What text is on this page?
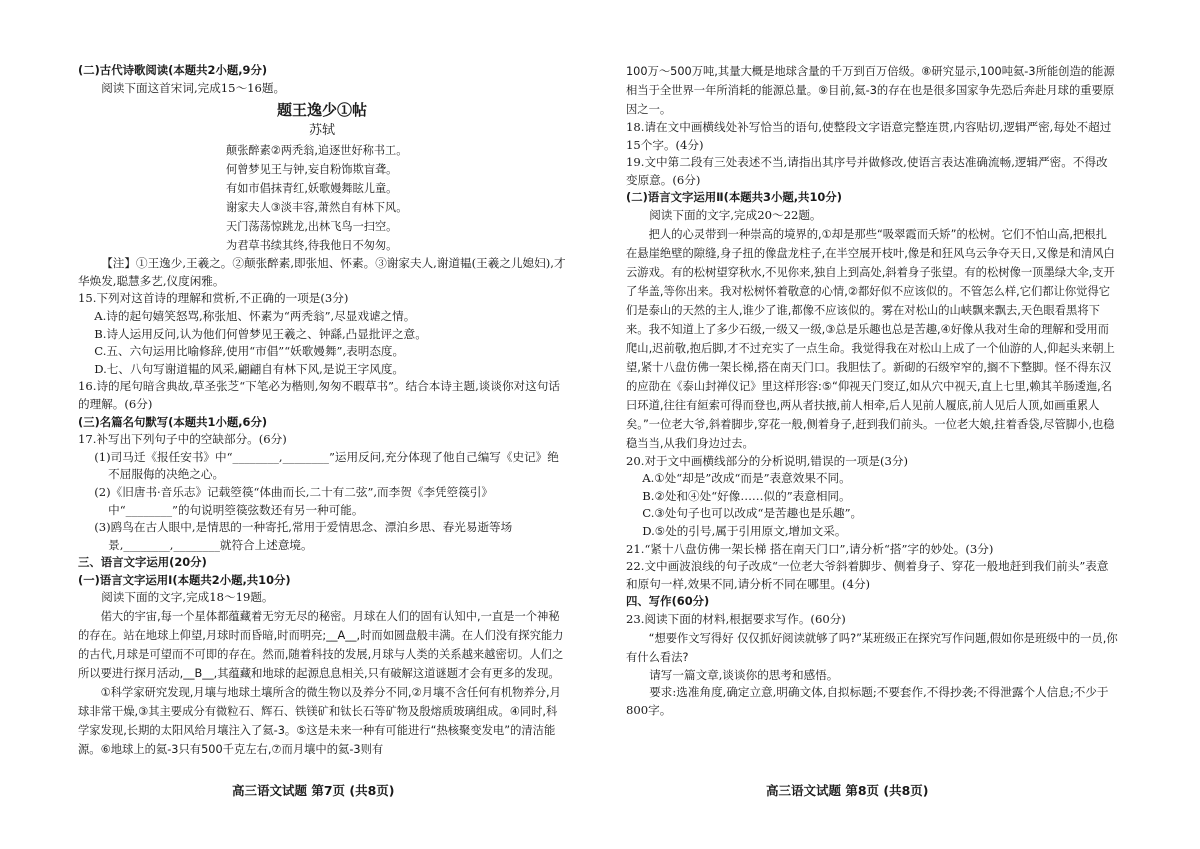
(二)古代诗歌阅读(本题共2小题,9分)

阅读下面这首宋词,完成15～16题。

题王逸少①帖

苏轼

颠张醉素②两秃翁,追逐世好称书工。

何曾梦见王与钟,妄自粉饰欺盲聋。

有如市倡抹青红,妖歌嫚舞眩儿童。

谢家夫人③淡丰容,萧然自有林下风。

天门荡荡惊跳龙,出林飞鸟一扫空。

为君草书续其终,待我他日不匆匆。

【注】①王逸少,王羲之。②颠张醉素,即张旭、怀素。③谢家夫人,谢道韫(王羲之儿媳妇),才华焕发,聪慧多艺,仪度闲雅。

15.下列对这首诗的理解和赏析,不正确的一项是(3分)

A.诗的起句嬉笑怒骂,称张旭、怀素为“两秃翁”,尽显戏谑之情。

B.诗人运用反问,认为他们何曾梦见王羲之、钟繇,凸显批评之意。

C.五、六句运用比喻修辞,使用“市倡”“妖歌嫚舞”,表明态度。

D.七、八句写谢道韫的风采,翩翩自有林下风,是说王字风度。

16.诗的尾句暗含典故,草圣张芝“下笔必为楷则,匆匆不暇草书”。结合本诗主题,谈谈你对这句话的理解。(6分)

(三)名篇名句默写(本题共1小题,6分)

17.补写出下列句子中的空缺部分。(6分)

(1)司马迁《报任安书》中“________,________”运用反问,充分体现了他自己编写《史记》绝不屈服侮的决绝之心。

(2)《旧唐书·音乐志》记载箜篌“体曲而长,二十有二弦”,而李贺《李凭箜篌引》中“________”的句说明箜篌弦数还有另一种可能。

(3)鸥鸟在古人眼中,是情思的一种寄托,常用于爱情思念、漂泊乡思、春光易逝等场景,________,________就符合上述意境。

三、语言文字运用(20分)

(一)语言文字运用Ⅰ(本题共2小题,共10分)

阅读下面的文字,完成18～19题。

偌大的宇宙,每一个星体都蕴藏着无穷无尽的秘密。月球在人们的固有认知中,一直是一个神秘的存在。站在地球上仰望,月球时而昏暗,时而明亮;__A__,时而如圆盘般丰满。在人们没有探究能力的古代,月球是可望而不可即的存在。然而,随着科技的发展,月球与人类的关系越来越密切。人们之所以要进行探月活动,__B__,其蕴藏和地球的起源息息相关,只有破解这道谜题才会有更多的发现。

①科学家研究发现,月壤与地球土壤所含的微生物以及养分不同,②月壤不含任何有机物养分,月球非常干燥,③其主要成分有微粒石、辉石、铁镁矿和钛长石等矿物及殷熔质玻璃组成。④同时,科学家发现,长期的太阳风给月壤注入了氦-3。⑤这是未来一种有可能进行“热核聚变发电”的清洁能源。⑥地球上的氦-3只有500千克左右,⑦而月壤中的氦-3则有

100万～500万吨,其量大概是地球含量的千万到百万倍级。⑧研究显示,100吨氦-3所能创造的能源相当于全世界一年所消耗的能源总量。⑨目前,氦-3的存在也是很多国家争先恐后奔赴月球的重要原因之一。

18.请在文中画横线处补写恰当的语句,使整段文字语意完整连贯,内容贴切,逻辑严密,每处不超过15个字。(4分)

19.文中第二段有三处表述不当,请指出其序号并做修改,使语言表达准确流畅,逻辑严密。不得改变原意。(6分)

(二)语言文字运用Ⅱ(本题共3小题,共10分)

阅读下面的文字,完成20～22题。

把人的心灵带到一种崇高的境界的,①却是那些“吸翠霞而夭矫”的松树。它们不怕山高,把根扎在悬崖绝壁的隙缝,身子扭的像盘龙柱子,在半空展开枝叶,像是和狂风乌云争夺天日,又像是和清风白云游戏。有的松树望穿秋水,不见你来,独自上到高处,斜着身子张望。有的松树像一顶墨绿大伞,支开了华盖,等你出来。我对松树怀着敬意的心情,②都好似不应该似的。不管怎么样,它们都让你觉得它们是泰山的天然的主人,谁少了谁,都像不应该似的。雾在对松山的山峡飘来飘去,天色眼看黑将下来。我不知道上了多少石级,一级又一级,③总是乐趣也总是苦趣,④好像从我对生命的理解和受用而爬山,迟前敬,抱后脚,才不过充实了一点生命。我觉得我在对松山上成了一个仙游的人,仰起头来朝上望,紧十八盘仿佛一架长梯,搭在南天门口。我胆怯了。新砌的石级窄窄的,搁不下整脚。怪不得东汉的应劭在《泰山封禅仪记》里这样形容:⑤“仰视天门窔辽,如从穴中视天,直上七里,赖其羊肠逶迤,名曰环道,往往有絙索可得而登也,两从者扶掖,前人相牵,后人见前人履底,前人见后人顶,如画重累人矣。”一位老大爷,斜着脚步,穿花一般,侧着身子,赶到我们前头。一位老大娘,拄着香袋,尽管脚小,也稳稳当当,从我们身边过去。

20.对于文中画横线部分的分析说明,错误的一项是(3分)

A.①处“却是”改成“而是”表意效果不同。

B.②处和④处“好像……似的”表意相同。

C.③处句子也可以改成“是苦趣也是乐趣”。

D.⑤处的引号,属于引用原文,增加文采。

21.“紧十八盘仿佛一架长梯 搭在南天门口”,请分析“搭”字的妙处。(3分)

22.文中画波浪线的句子改成“一位老大爷斜着脚步、侧着身子、穿花一般地赶到我们前头”表意和原句一样,效果不同,请分析不同在哪里。(4分)

四、写作(60分)

23.阅读下面的材料,根据要求写作。(60分)

“想要作文写得好 仅仅抓好阅读就够了吗?”某班级正在探究写作问题,假如你是班级中的一员,你有什么看法?

请写一篇文章,谈谈你的思考和感悟。

要求:选准角度,确定立意,明确文体,自拟标题;不要套作,不得抄袭;不得泄露个人信息;不少于800字。

高三语文试题 第7页 (共8页)	高三语文试题 第8页 (共8页)
